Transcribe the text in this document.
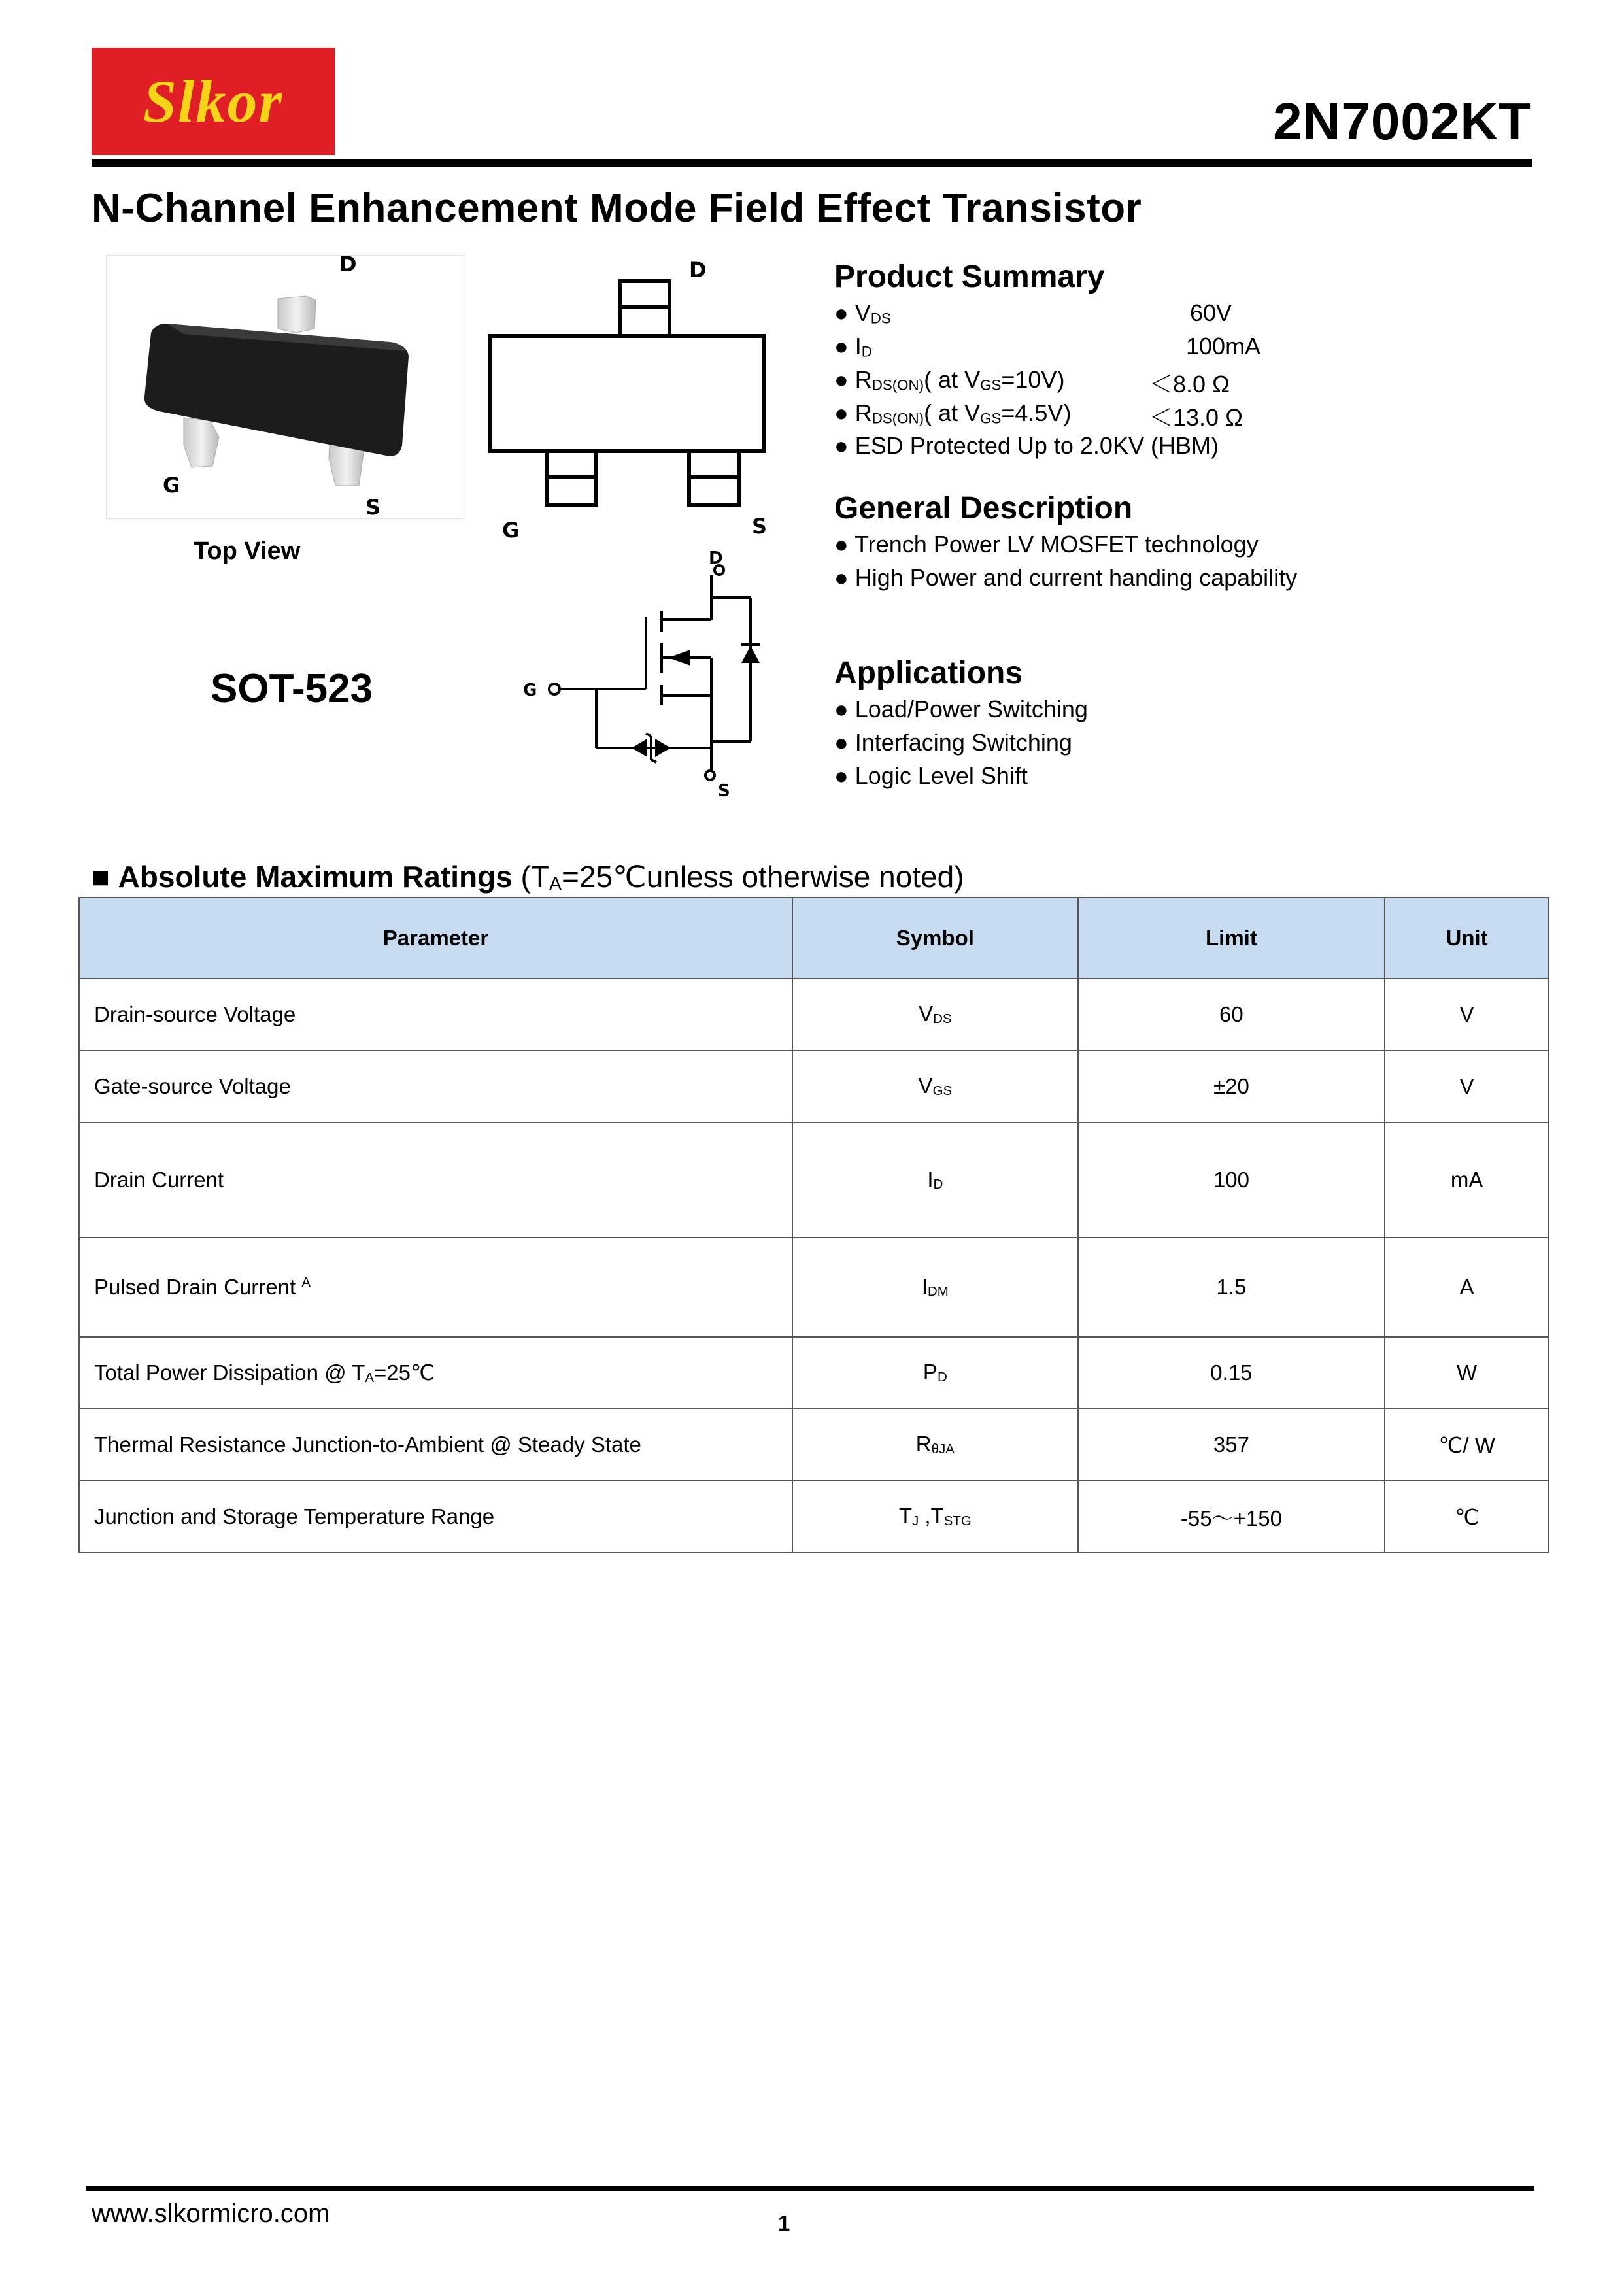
Slkor	2N7002KT
N-Channel Enhancement Mode Field Effect Transistor
D
G
S
Top View
SOT-523
D
G	S
D
G
S
Product Summary
● $V_{DS}$	60V
● $I_D$	100mA
● $R_{DS(ON)}$( at $V_{GS}=10V$)	＜8.0 Ω
● $R_{DS(ON)}$( at $V_{GS}=4.5V$)	＜13.0 Ω
● ESD Protected Up to 2.0KV (HBM)
General Description
● Trench Power LV MOSFET technology
● High Power and current handing capability
Applications
● Load/Power Switching
● Interfacing Switching
● Logic Level Shift
■ Absolute Maximum Ratings ($T_A=25℃unless$ otherwise noted)
Parameter	Symbol	Limit	Unit
Drain-source Voltage	$V_{DS}$	60	V
Gate-source Voltage	$V_{GS}$	±20	V
Drain Current	$I_D$	100	mA
Pulsed Drain Current $^A$	$I_{DM}$	1.5	A
Total Power Dissipation @ $T_A=25℃$	$P_D$	0.15	W
Thermal Resistance Junction-to-Ambient @ Steady State	$R_{\theta JA}$	357	℃/ W
Junction and Storage Temperature Range	$T_J$ $,T_{STG}$	-55～+150	℃
www.slkormicro.com	1
